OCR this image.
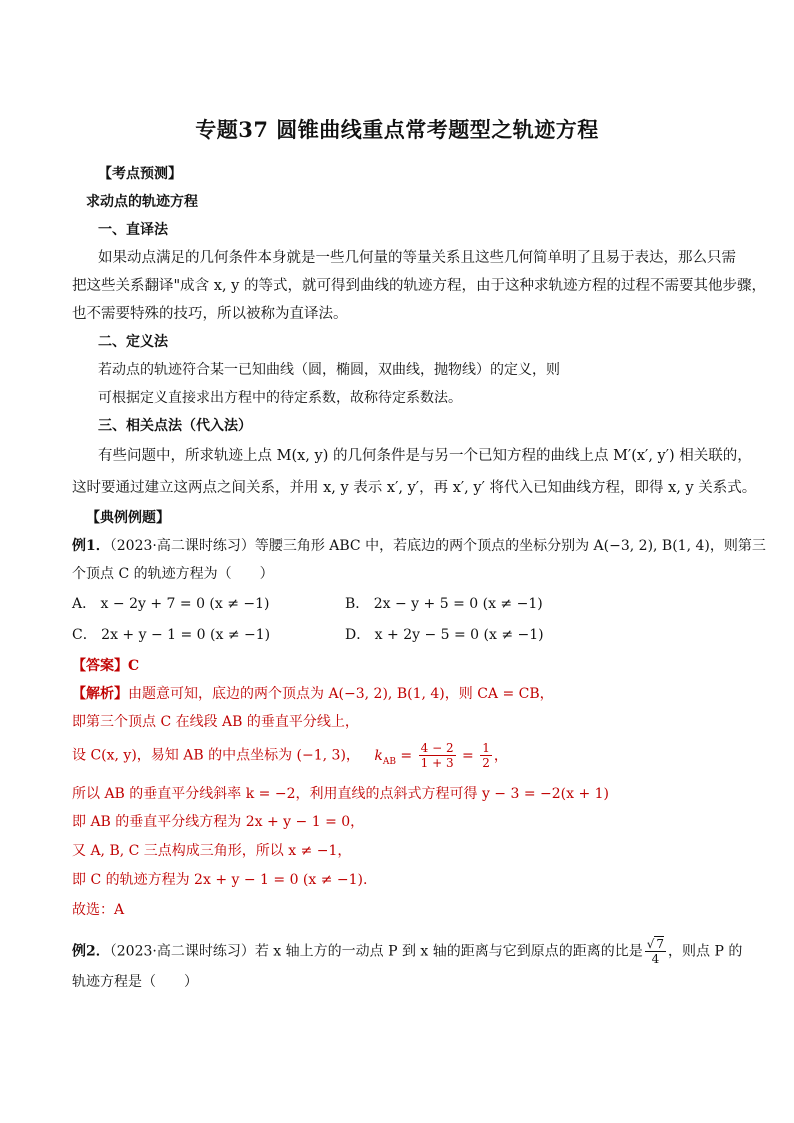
专题37 圆锥曲线重点常考题型之轨迹方程
【考点预测】
求动点的轨迹方程
一、直译法
如果动点满足的几何条件本身就是一些几何量的等量关系且这些几何简单明了且易于表达，那么只需
把这些关系翻译"成含 x, y 的等式，就可得到曲线的轨迹方程，由于这种求轨迹方程的过程不需要其他步骤，
也不需要特殊的技巧，所以被称为直译法。
二、定义法
若动点的轨迹符合某一已知曲线（圆，椭圆，双曲线，抛物线）的定义，则
可根据定义直接求出方程中的待定系数，故称待定系数法。
三、相关点法（代入法）
有些问题中，所求轨迹上点 M(x, y) 的几何条件是与另一个已知方程的曲线上点 M′(x′, y′) 相关联的，
这时要通过建立这两点之间关系，并用 x, y 表示 x′, y′，再 x′, y′ 将代入已知曲线方程，即得 x, y 关系式。
【典例例题】
例1．（2023·高二课时练习）等腰三角形 ABC 中，若底边的两个顶点的坐标分别为 A(−3, 2), B(1, 4)，则第三
个顶点 C 的轨迹方程为（　　）
A． x − 2y + 7 = 0 (x ≠ −1)	B． 2x − y + 5 = 0 (x ≠ −1)
C． 2x + y − 1 = 0 (x ≠ −1)	D． x + 2y − 5 = 0 (x ≠ −1)
【答案】C
【解析】由题意可知，底边的两个顶点为 A(−3, 2), B(1, 4)，则 CA = CB，
即第三个顶点 C 在线段 AB 的垂直平分线上，
设 C(x, y)，易知 AB 的中点坐标为 (−1, 3)， $k_{AB} = \frac{4 - 2}{1 + 3} = \frac{1}{2}$ ，
所以 AB 的垂直平分线斜率 k = −2，利用直线的点斜式方程可得 y − 3 = −2(x + 1)
即 AB 的垂直平分线方程为 2x + y − 1 = 0，
又 A, B, C 三点构成三角形，所以 x ≠ −1，
即 C 的轨迹方程为 2x + y − 1 = 0 (x ≠ −1).
故选：A
例2．（2023·高二课时练习）若 x 轴上方的一动点 P 到 x 轴的距离与它到原点的距离的比是 $\frac{√ 7}{4}$ ，则点 P 的
轨迹方程是（　　）
